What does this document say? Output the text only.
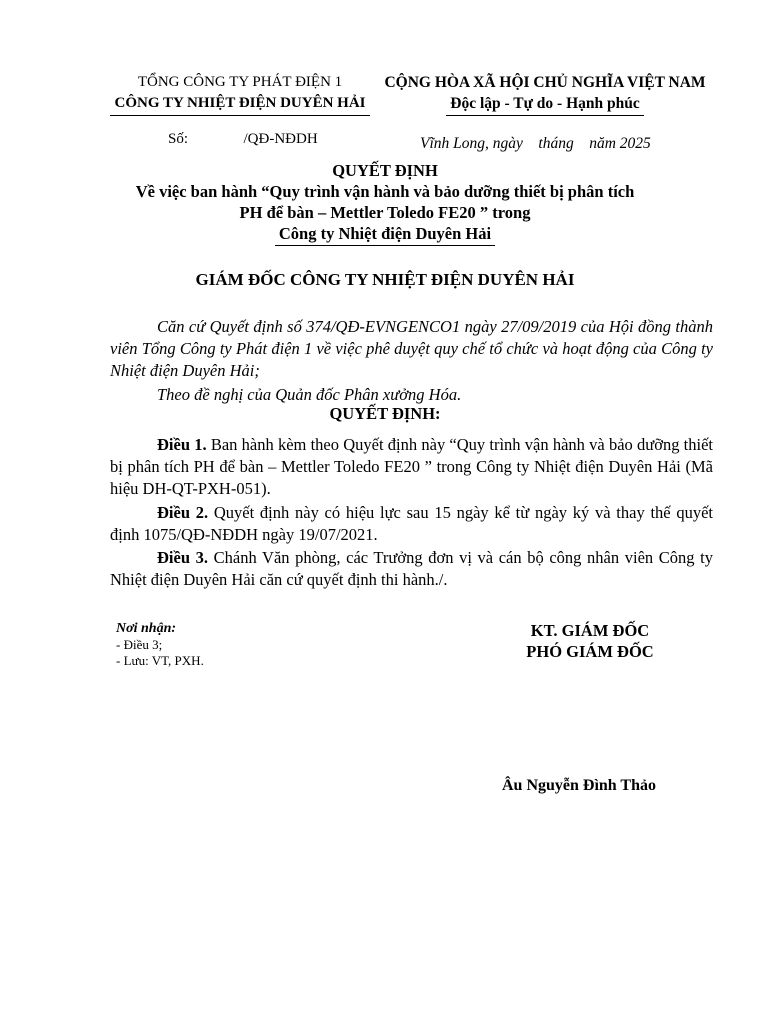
TỔNG CÔNG TY PHÁT ĐIỆN 1
CÔNG TY NHIỆT ĐIỆN DUYÊN HẢI
CỘNG HÒA XÃ HỘI CHỦ NGHĨA VIỆT NAM
Độc lập - Tự do - Hạnh phúc
Số:	/QĐ-NĐDH	Vĩnh Long, ngày    tháng    năm 2025
QUYẾT ĐỊNH
Về việc ban hành “Quy trình vận hành và bảo dưỡng thiết bị phân tích
PH để bàn – Mettler Toledo FE20 ” trong
Công ty Nhiệt điện Duyên Hải
GIÁM ĐỐC CÔNG TY NHIỆT ĐIỆN DUYÊN HẢI
Căn cứ Quyết định số 374/QĐ-EVNGENCO1 ngày 27/09/2019 của Hội đồng thành viên Tổng Công ty Phát điện 1 về việc phê duyệt quy chế tổ chức và hoạt động của Công ty Nhiệt điện Duyên Hải;
Theo đề nghị của Quản đốc Phân xưởng Hóa.
QUYẾT ĐỊNH:
Điều 1. Ban hành kèm theo Quyết định này “Quy trình vận hành và bảo dưỡng thiết bị phân tích PH để bàn – Mettler Toledo FE20 ” trong Công ty Nhiệt điện Duyên Hải (Mã hiệu DH-QT-PXH-051).
Điều 2. Quyết định này có hiệu lực sau 15 ngày kể từ ngày ký và thay thế quyết định 1075/QĐ-NĐDH ngày 19/07/2021.
Điều 3. Chánh Văn phòng, các Trưởng đơn vị và cán bộ công nhân viên Công ty Nhiệt điện Duyên Hải căn cứ quyết định thi hành./.
Nơi nhận:
- Điều 3;
- Lưu: VT, PXH.
KT. GIÁM ĐỐC
PHÓ GIÁM ĐỐC
Âu Nguyễn Đình Thảo
